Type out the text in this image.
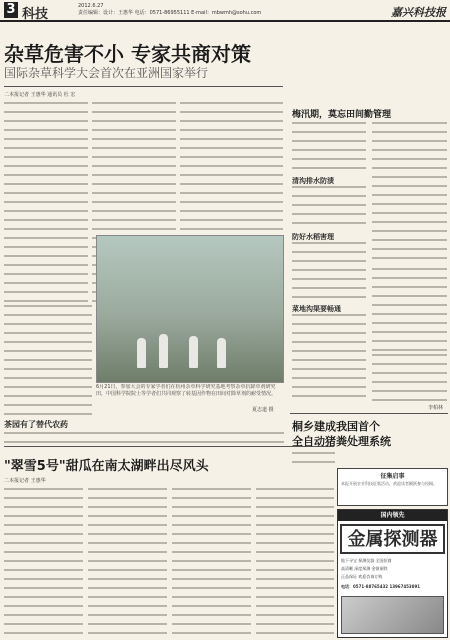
3 科技
2012.6.27
责任编辑：设计：王惠华 电话：0571-86955111 E-mail：mbwmh@sohu.com	嘉兴科技报
杂草危害不小 专家共商对策
国际杂草科学大会首次在亚洲国家举行
二本报记者 王惠华 通讯员 杜 宏
6月21日，参加大会的专家学者们在杭州杂草科学研究基地考察杂草抗除草剂研究田，中国科学院院士等学者们共同观察了转基因作物在田间对除草剂的耐受情况。
夏志道 摄
茶园有了替代农药
"翠雪5号"甜瓜在南太湖畔出尽风头
二本报记者 王惠华
梅汛期，莫忘田间勤管理
清沟排水防渍
防好水稻害理
菜地沟渠要畅通
李柏林
桐乡建成我国首个
全自动猪粪处理系统
征集启事
本报开展农业科技征集活动，欢迎读者踊跃参与投稿。
国内领先
金属探测器
地下寻宝 探测仪器 全国招商
高清晰 深度探测 金银铜铁
正品保证 欢迎咨询订购
电话：0571-88765432 13967453891
